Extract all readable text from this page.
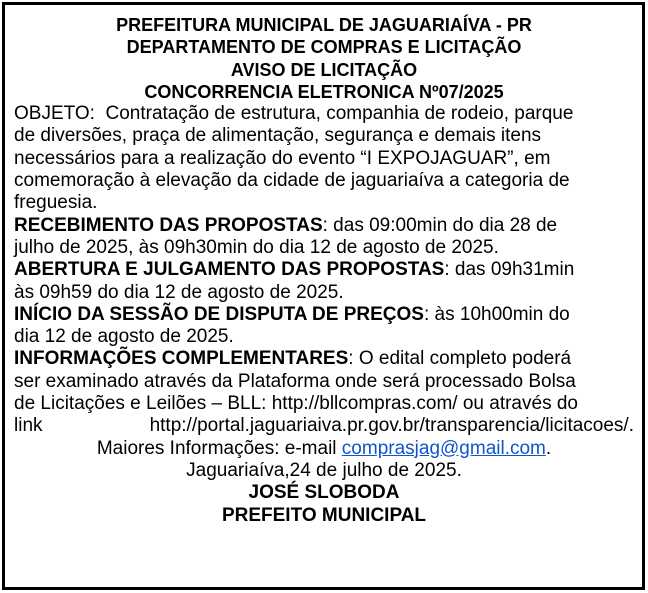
PREFEITURA MUNICIPAL DE JAGUARIAÍVA - PR
DEPARTAMENTO DE COMPRAS E LICITAÇÃO
AVISO DE LICITAÇÃO
CONCORRENCIA ELETRONICA Nº07/2025
OBJETO:  Contratação de estrutura, companhia de rodeio, parque
de diversões, praça de alimentação, segurança e demais itens
necessários para a realização do evento “I EXPOJAGUAR”, em
comemoração à elevação da cidade de jaguariaíva a categoria de
freguesia.
RECEBIMENTO DAS PROPOSTAS: das 09:00min do dia 28 de
julho de 2025, às 09h30min do dia 12 de agosto de 2025.
ABERTURA E JULGAMENTO DAS PROPOSTAS: das 09h31min
às 09h59 do dia 12 de agosto de 2025.
INÍCIO DA SESSÃO DE DISPUTA DE PREÇOS: às 10h00min do
dia 12 de agosto de 2025.
INFORMAÇÕES COMPLEMENTARES: O edital completo poderá
ser examinado através da Plataforma onde será processado Bolsa
de Licitações e Leilões – BLL: http://bllcompras.com/ ou através do
link	http://portal.jaguariaiva.pr.gov.br/transparencia/licitacoes/.
Maiores Informações: e-mail comprasjag@gmail.com.
Jaguariaíva,24 de julho de 2025.
JOSÉ SLOBODA
PREFEITO MUNICIPAL
